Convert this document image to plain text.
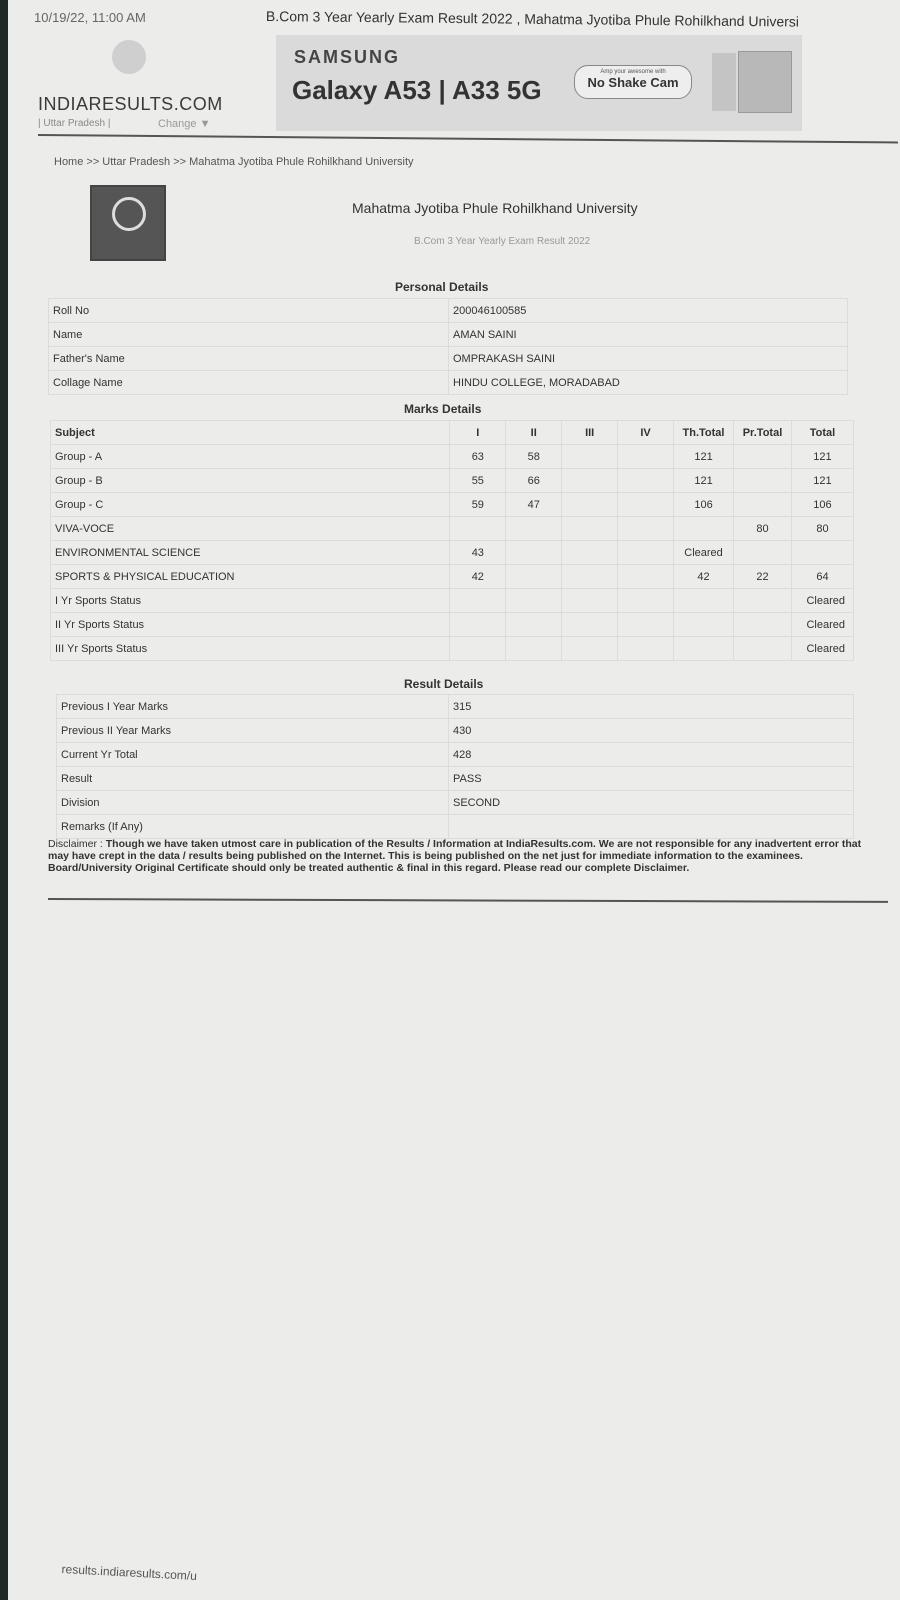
10/19/22, 11:00 AM	B.Com 3 Year Yearly Exam Result 2022 , Mahatma Jyotiba Phule Rohilkhand Universi
INDIARESULTS.COM
| Uttar Pradesh |	Change ▼
SAMSUNG
Galaxy A53 | A33 5G
Amp your awesome with
No Shake Cam
Home >> Uttar Pradesh >> Mahatma Jyotiba Phule Rohilkhand University
Mahatma Jyotiba Phule Rohilkhand University
B.Com 3 Year Yearly Exam Result 2022
Personal Details
Roll No	200046100585
Name	AMAN SAINI
Father's Name	OMPRAKASH SAINI
Collage Name	HINDU COLLEGE, MORADABAD
Marks Details
Subject	I	II	III	IV	Th.Total	Pr.Total	Total
Group - A	63	58			121		121
Group - B	55	66			121		121
Group - C	59	47			106		106
VIVA-VOCE						80	80
ENVIRONMENTAL SCIENCE	43				Cleared		
SPORTS & PHYSICAL EDUCATION	42				42	22	64
I Yr Sports Status							Cleared
II Yr Sports Status							Cleared
III Yr Sports Status							Cleared
Result Details
Previous I Year Marks	315
Previous II Year Marks	430
Current Yr Total	428
Result	PASS
Division	SECOND
Remarks (If Any)	
Disclaimer : Though we have taken utmost care in publication of the Results / Information at IndiaResults.com. We are not responsible for any inadvertent error that may have crept in the data / results being published on the Internet. This is being published on the net just for immediate information to the examinees. Board/University Original Certificate should only be treated authentic & final in this regard. Please read our complete Disclaimer.
results.indiaresults.com/u
